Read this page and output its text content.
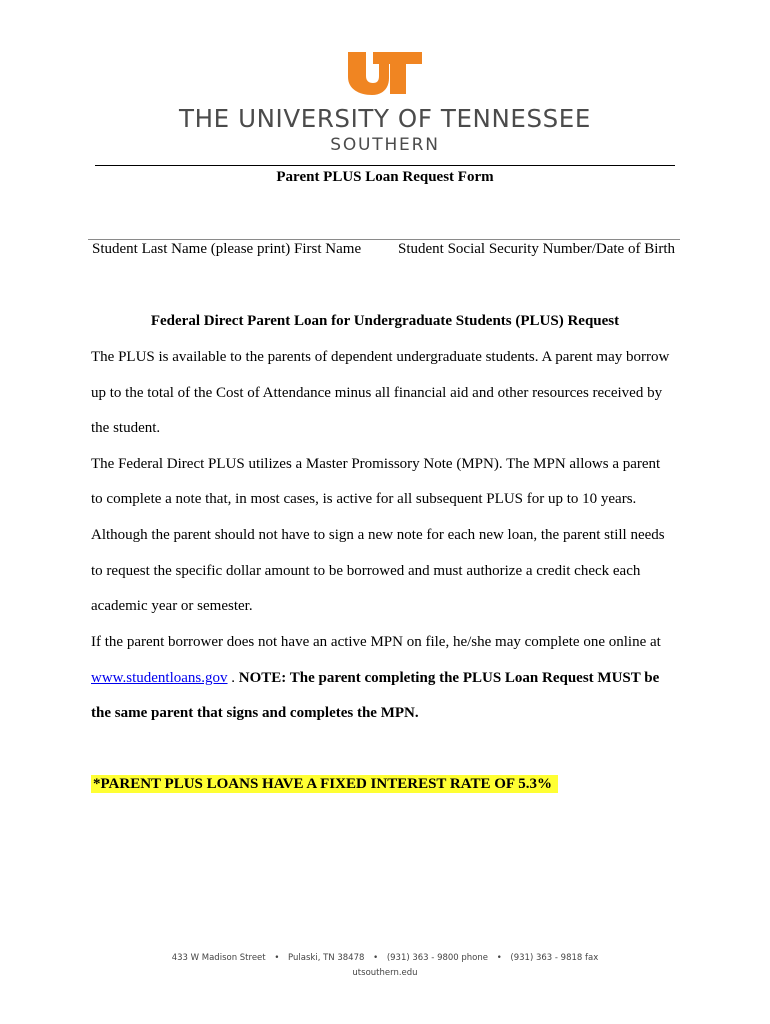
THE UNIVERSITY OF TENNESSEE
SOUTHERN
Parent PLUS Loan Request Form
Student Last Name (please print) First Name Student Social Security Number/Date of Birth
Federal Direct Parent Loan for Undergraduate Students (PLUS) Request
The PLUS is available to the parents of dependent undergraduate students. A parent may borrow
up to the total of the Cost of Attendance minus all financial aid and other resources received by
the student.
The Federal Direct PLUS utilizes a Master Promissory Note (MPN). The MPN allows a parent
to complete a note that, in most cases, is active for all subsequent PLUS for up to 10 years.
Although the parent should not have to sign a new note for each new loan, the parent still needs
to request the specific dollar amount to be borrowed and must authorize a credit check each
academic year or semester.
If the parent borrower does not have an active MPN on file, he/she may complete one online at
www.studentloans.gov . NOTE: The parent completing the PLUS Loan Request MUST be
the same parent that signs and completes the MPN.
*PARENT PLUS LOANS HAVE A FIXED INTEREST RATE OF 5.3%
433 W Madison Street • Pulaski, TN 38478 • (931) 363 - 9800 phone • (931) 363 - 9818 fax
utsouthern.edu
